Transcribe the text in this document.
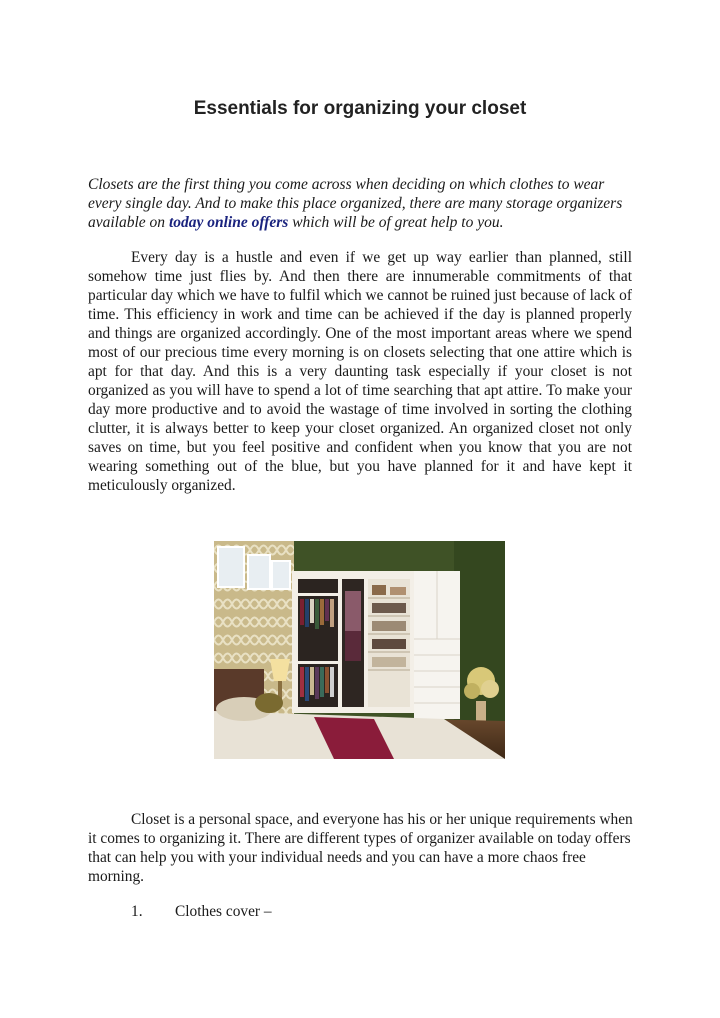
Essentials for organizing your closet
Closets are the first thing you come across when deciding on which clothes to wear every single day. And to make this place organized, there are many storage organizers available on today online offers which will be of great help to you.
Every day is a hustle and even if we get up way earlier than planned, still somehow time just flies by. And then there are innumerable commitments of that particular day which we have to fulfil which we cannot be ruined just because of lack of time. This efficiency in work and time can be achieved if the day is planned properly and things are organized accordingly. One of the most important areas where we spend most of our precious time every morning is on closets selecting that one attire which is apt for that day. And this is a very daunting task especially if your closet is not organized as you will have to spend a lot of time searching that apt attire. To make your day more productive and to avoid the wastage of time involved in sorting the clothing clutter, it is always better to keep your closet organized. An organized closet not only saves on time, but you feel positive and confident when you know that you are not wearing something out of the blue, but you have planned for it and have kept it meticulously organized.
Closet is a personal space, and everyone has his or her unique requirements when it comes to organizing it. There are different types of organizer available on today offers that can help you with your individual needs and you can have a more chaos free morning.
1. Clothes cover –
